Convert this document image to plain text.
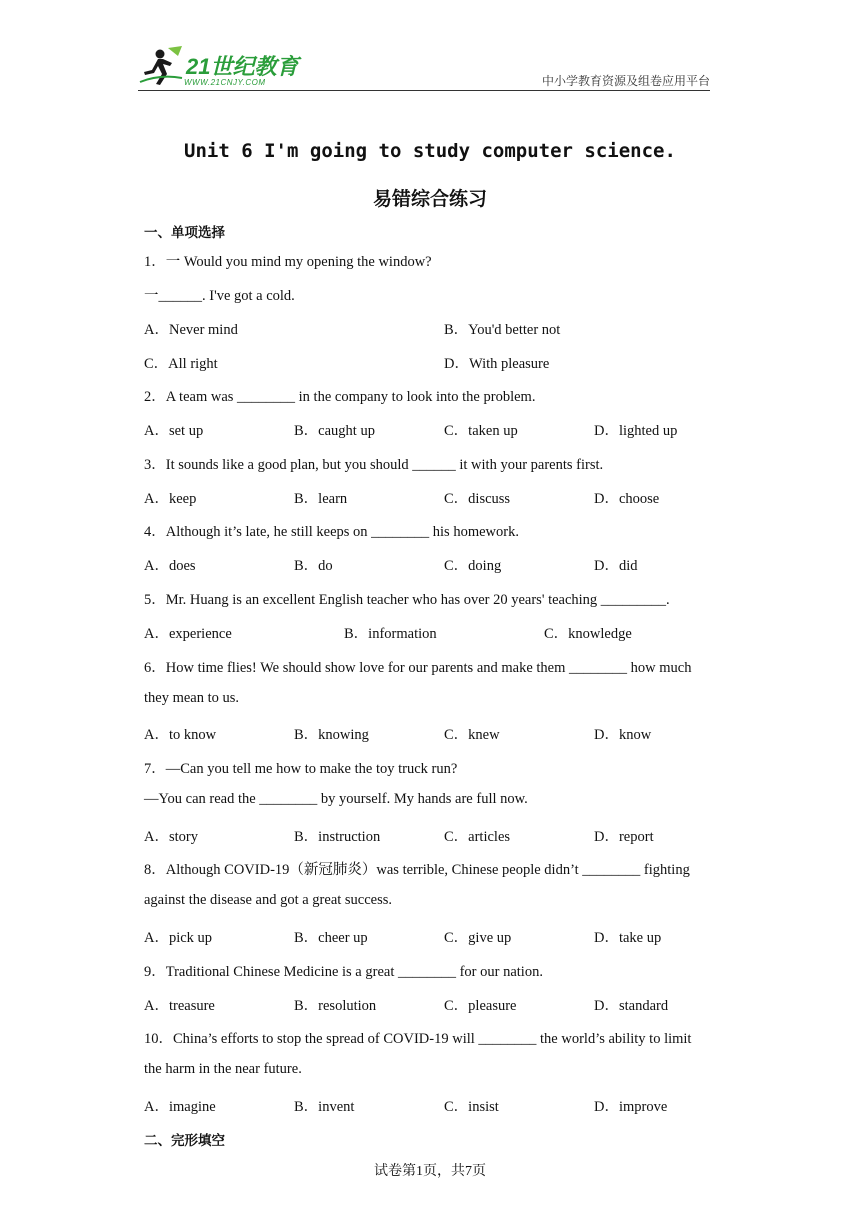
21世纪教育
WWW.21CNJY.COM	中小学教育资源及组卷应用平台
Unit 6 I'm going to study computer science.
易错综合练习
一、单项选择
1．一 Would you mind my opening the window?
一______. I've got a cold.
A．Never mind	B．You'd better not
C．All right	D．With pleasure
2．A team was ________ in the company to look into the problem.
A．set up	B．caught up	C．taken up	D．lighted up
3．It sounds like a good plan, but you should ______ it with your parents first.
A．keep	B．learn	C．discuss	D．choose
4．Although it’s late, he still keeps on ________ his homework.
A．does	B．do	C．doing	D．did
5．Mr. Huang is an excellent English teacher who has over 20 years' teaching _________.
A．experience	B．information	C．knowledge
6．How time flies! We should show love for our parents and make them ________ how much
they mean to us.
A．to know	B．knowing	C．knew	D．know
7．—Can you tell me how to make the toy truck run?
—You can read the ________ by yourself. My hands are full now.
A．story	B．instruction	C．articles	D．report
8．Although COVID-19（新冠肺炎）was terrible, Chinese people didn’t ________ fighting
against the disease and got a great success.
A．pick up	B．cheer up	C．give up	D．take up
9．Traditional Chinese Medicine is a great ________ for our nation.
A．treasure	B．resolution	C．pleasure	D．standard
10．China’s efforts to stop the spread of COVID-19 will ________ the world’s ability to limit
the harm in the near future.
A．imagine	B．invent	C．insist	D．improve
二、完形填空
试卷第1页，共7页
